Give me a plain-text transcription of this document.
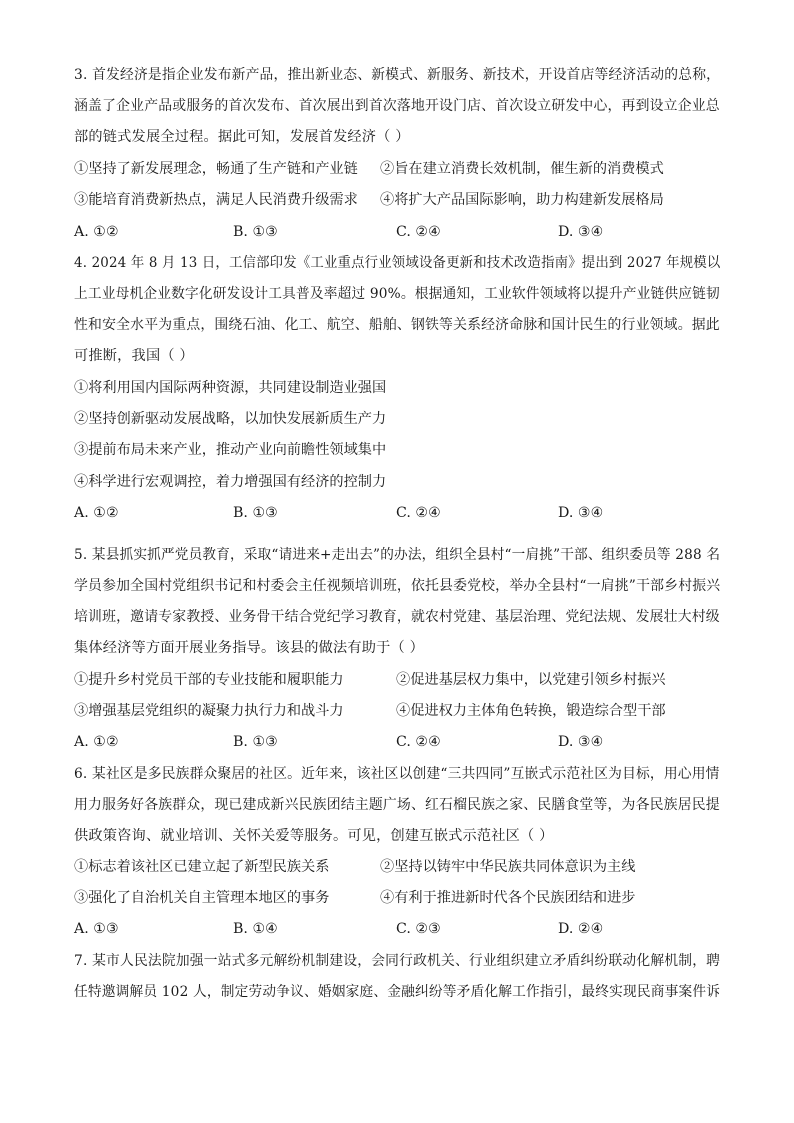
3. 首发经济是指企业发布新产品，推出新业态、新模式、新服务、新技术，开设首店等经济活动的总称，
涵盖了企业产品或服务的首次发布、首次展出到首次落地开设门店、首次设立研发中心，再到设立企业总
部的链式发展全过程。据此可知，发展首发经济（ ）
①坚持了新发展理念，畅通了生产链和产业链 ②旨在建立消费长效机制，催生新的消费模式
③能培育消费新热点，满足人民消费升级需求 ④将扩大产品国际影响，助力构建新发展格局
A. ①②	B. ①③	C. ②④	D. ③④
4. 2024 年 8 月 13 日，工信部印发《工业重点行业领域设备更新和技术改造指南》提出到 2027 年规模以
上工业母机企业数字化研发设计工具普及率超过 90%。根据通知，工业软件领域将以提升产业链供应链韧
性和安全水平为重点，围绕石油、化工、航空、船舶、钢铁等关系经济命脉和国计民生的行业领域。据此
可推断，我国（ ）
①将利用国内国际两种资源，共同建设制造业强国
②坚持创新驱动发展战略，以加快发展新质生产力
③提前布局未来产业，推动产业向前瞻性领域集中
④科学进行宏观调控，着力增强国有经济的控制力
A. ①②	B. ①③	C. ②④	D. ③④
5. 某县抓实抓严党员教育，采取“请进来+走出去”的办法，组织全县村“一肩挑”干部、组织委员等 288 名
学员参加全国村党组织书记和村委会主任视频培训班，依托县委党校，举办全县村“一肩挑”干部乡村振兴
培训班，邀请专家教授、业务骨干结合党纪学习教育，就农村党建、基层治理、党纪法规、发展壮大村级
集体经济等方面开展业务指导。该县的做法有助于（ ）
①提升乡村党员干部的专业技能和履职能力	②促进基层权力集中，以党建引领乡村振兴
③增强基层党组织的凝聚力执行力和战斗力	④促进权力主体角色转换，锻造综合型干部
A. ①②	B. ①③	C. ②④	D. ③④
6. 某社区是多民族群众聚居的社区。近年来，该社区以创建“三共四同”互嵌式示范社区为目标，用心用情
用力服务好各族群众，现已建成新兴民族团结主题广场、红石榴民族之家、民膳食堂等，为各民族居民提
供政策咨询、就业培训、关怀关爱等服务。可见，创建互嵌式示范社区（ ）
①标志着该社区已建立起了新型民族关系	②坚持以铸牢中华民族共同体意识为主线
③强化了自治机关自主管理本地区的事务	④有利于推进新时代各个民族团结和进步
A. ①③	B. ①④	C. ②③	D. ②④
7. 某市人民法院加强一站式多元解纷机制建设，会同行政机关、行业组织建立矛盾纠纷联动化解机制，聘
任特邀调解员 102 人，制定劳动争议、婚姻家庭、金融纠纷等矛盾化解工作指引，最终实现民商事案件诉
